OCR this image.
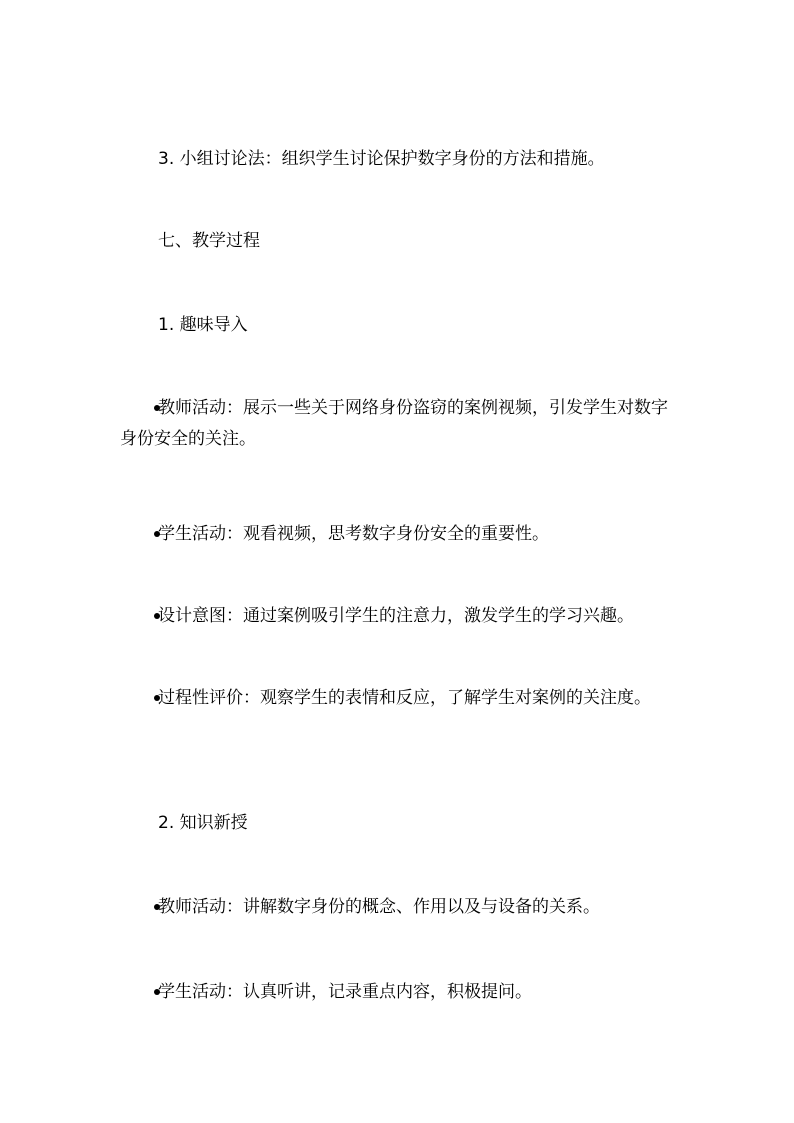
3. 小组讨论法：组织学生讨论保护数字身份的方法和措施。
七、教学过程
1. 趣味导入
教师活动：展示一些关于网络身份盗窃的案例视频，引发学生对数字身份安全的关注。
学生活动：观看视频，思考数字身份安全的重要性。
设计意图：通过案例吸引学生的注意力，激发学生的学习兴趣。
过程性评价：观察学生的表情和反应，了解学生对案例的关注度。
2. 知识新授
教师活动：讲解数字身份的概念、作用以及与设备的关系。
学生活动：认真听讲，记录重点内容，积极提问。
